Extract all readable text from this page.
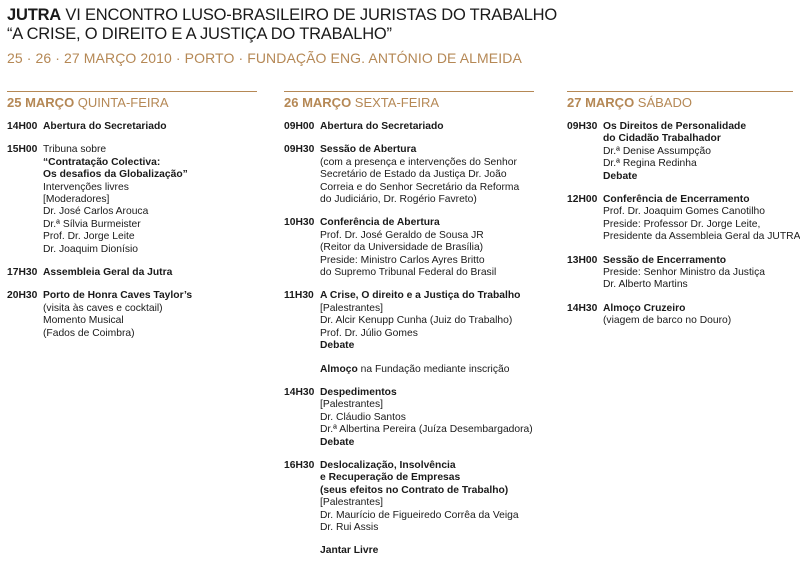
JUTRA VI ENCONTRO LUSO-BRASILEIRO DE JURISTAS DO TRABALHO
“A CRISE, O DIREITO E A JUSTIÇA DO TRABALHO”
25 · 26 · 27 MARÇO 2010 · PORTO · FUNDAÇÃO ENG. ANTÓNIO DE ALMEIDA
25 MARÇO QUINTA-FEIRA
14H00 Abertura do Secretariado
15H00 Tribuna sobre
“Contratação Colectiva:
Os desafios da Globalização”
Intervenções livres
[Moderadores]
Dr. José Carlos Arouca
Dr.ª Sílvia Burmeister
Prof. Dr. Jorge Leite
Dr. Joaquim Dionísio
17H30 Assembleia Geral da Jutra
20H30 Porto de Honra Caves Taylor’s
(visita às caves e cocktail)
Momento Musical
(Fados de Coimbra)
26 MARÇO SEXTA-FEIRA
09H00 Abertura do Secretariado
09H30 Sessão de Abertura
(com a presença e intervenções do Senhor
Secretário de Estado da Justiça Dr. João
Correia e do Senhor Secretário da Reforma
do Judiciário, Dr. Rogério Favreto)
10H30 Conferência de Abertura
Prof. Dr. José Geraldo de Sousa JR
(Reitor da Universidade de Brasília)
Preside: Ministro Carlos Ayres Britto
do Supremo Tribunal Federal do Brasil
11H30 A Crise, O direito e a Justiça do Trabalho
[Palestrantes]
Dr. Alcir Kenupp Cunha (Juiz do Trabalho)
Prof. Dr. Júlio Gomes
Debate
Almoço na Fundação mediante inscrição
14H30 Despedimentos
[Palestrantes]
Dr. Cláudio Santos
Dr.ª Albertina Pereira (Juíza Desembargadora)
Debate
16H30 Deslocalização, Insolvência
e Recuperação de Empresas
(seus efeitos no Contrato de Trabalho)
[Palestrantes]
Dr. Maurício de Figueiredo Corrêa da Veiga
Dr. Rui Assis
Jantar Livre
27 MARÇO SÁBADO
09H30 Os Direitos de Personalidade
do Cidadão Trabalhador
Dr.ª Denise Assumpção
Dr.ª Regina Redinha
Debate
12H00 Conferência de Encerramento
Prof. Dr. Joaquim Gomes Canotilho
Preside: Professor Dr. Jorge Leite,
Presidente da Assembleia Geral da JUTRA
13H00 Sessão de Encerramento
Preside: Senhor Ministro da Justiça
Dr. Alberto Martins
14H30 Almoço Cruzeiro
(viagem de barco no Douro)
